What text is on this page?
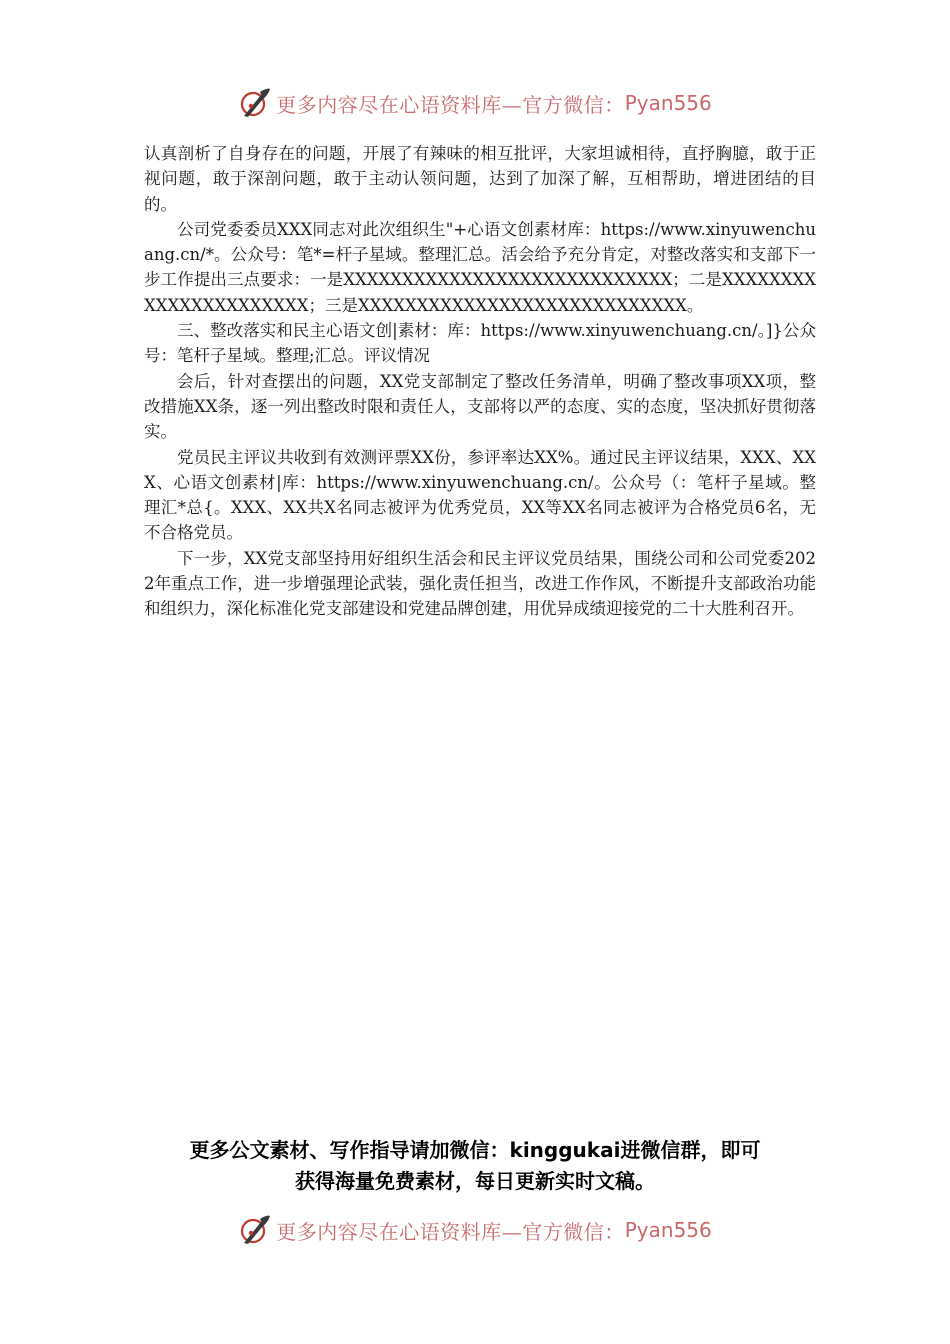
更多内容尽在心语资料库—官方微信： Pyan556

认真剖析了自身存在的问题，开展了有辣味的相互批评，大家坦诚相待，直抒胸臆，敢于正视问题，敢于深剖问题，敢于主动认领问题，达到了加深了解，互相帮助，增进团结的目的。

公司党委委员XXX同志对此次组织生"+心语文创素材库：https://www.xinyuwenchuang.cn/*。公众号：笔*=杆子星域。整理汇总。活会给予充分肯定，对整改落实和支部下一步工作提出三点要求：一是XXXXXXXXXXXXXXXXXXXXXXXXXXXX；二是XXXXXXXXXXXXXXXXXXXXXX；三是XXXXXXXXXXXXXXXXXXXXXXXXXXXX。

三、整改落实和民主心语文创|素材：库：https://www.xinyuwenchuang.cn/。]}公众号：笔杆子星域。整理;汇总。评议情况

会后，针对查摆出的问题，XX党支部制定了整改任务清单，明确了整改事项XX项，整改措施XX条，逐一列出整改时限和责任人，支部将以严的态度、实的态度，坚决抓好贯彻落实。

党员民主评议共收到有效测评票XX份，参评率达XX%。通过民主评议结果，XXX、XXX、心语文创素材|库：https://www.xinyuwenchuang.cn/。公众号（：笔杆子星域。整理汇*总{。XXX、XX共X名同志被评为优秀党员，XX等XX名同志被评为合格党员6名，无不合格党员。

下一步，XX党支部坚持用好组织生活会和民主评议党员结果，围绕公司和公司党委2022年重点工作，进一步增强理论武装，强化责任担当，改进工作作风，不断提升支部政治功能和组织力，深化标准化党支部建设和党建品牌创建，用优异成绩迎接党的二十大胜利召开。

更多公文素材、写作指导请加微信：kinggukai进微信群，即可
获得海量免费素材，每日更新实时文稿。
更多内容尽在心语资料库—官方微信： Pyan556
